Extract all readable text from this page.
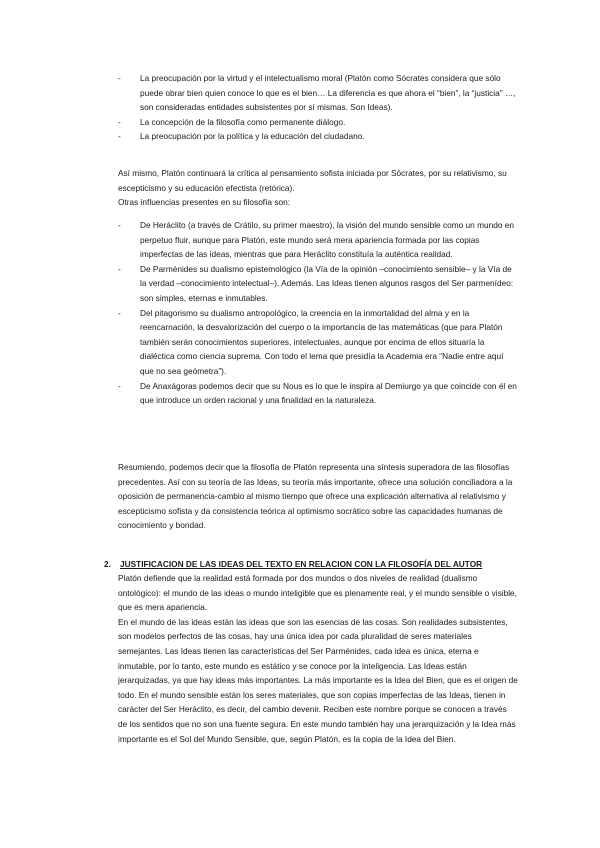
- La preocupación por la virtud y el intelectualismo moral (Platón como Sócrates considera que sólo puede obrar bien quien conoce lo que es el bien… La diferencia es que ahora el “bien”, la “justicia” …, son consideradas entidades subsistentes por sí mismas. Son Ideas).
- La concepción de la filosofía como permanente diálogo.
- La preocupación por la política y la educación del ciudadano.

Así mismo, Platón continuará la crítica al pensamiento sofista iniciada por Sócrates, por su relativismo, su escepticismo y su educación efectista (retórica).

Otras influencias presentes en su filosofía son:

- De Heráclito (a través de Crátilo, su primer maestro), la visión del mundo sensible como un mundo en perpetuo fluir, aunque para Platón, este mundo será mera apariencia formada por las copias imperfectas de las ideas, mientras que para Heráclito constituía la auténtica realidad.
- De Parménides su dualismo epistemológico (la Vía de la opinión –conocimiento sensible– y la Vía de la verdad –conocimiento intelectual–). Además. Las Ideas tienen algunos rasgos del Ser parmenídeo: son simples, eternas e inmutables.
- Del pitagorismo su dualismo antropológico, la creencia en la inmortalidad del alma y en la reencarnación, la desvalorización del cuerpo o la importancia de las matemáticas (que para Platón también serán conocimientos superiores, intelectuales, aunque por encima de ellos situaría la dialéctica como ciencia suprema. Con todo el lema que presidía la Academia era “Nadie entre aquí que no sea geómetra”).
- De Anaxágoras podemos decir que su Nous es lo que le inspira al Demiurgo ya que coincide con él en que introduce un orden racional y una finalidad en la naturaleza.

Resumiendo, podemos decir que la filosofía de Platón representa una síntesis superadora de las filosofías precedentes. Así con su teoría de las Ideas, su teoría más importante, ofrece una solución conciliadora a la oposición de permanencia-cambio al mismo tiempo que ofrece una explicación alternativa al relativismo y escepticismo sofista y da consistencia teórica al optimismo socrático sobre las capacidades humanas de conocimiento y bondad.

2. JUSTIFICACION DE LAS IDEAS DEL TEXTO EN RELACION CON LA FILOSOFÍA DEL AUTOR

Platón defiende que la realidad está formada por dos mundos o dos niveles de realidad (dualismo ontológico): el mundo de las ideas o mundo inteligible que es plenamente real, y el mundo sensible o visible, que es mera apariencia.

En el mundo de las ideas están las ideas que son las esencias de las cosas. Son realidades subsistentes, son modelos perfectos de las cosas, hay una única idea por cada pluralidad de seres materiales semejantes. Las Ideas tienen las características del Ser Parménides, cada idea es única, eterna e inmutable, por lo tanto, este mundo es estático y se conoce por la inteligencia. Las Ideas están jerarquizadas, ya que hay ideas más importantes. La más importante es la Idea del Bien, que es el origen de todo. En el mundo sensible están los seres materiales, que son copias imperfectas de las Ideas, tienen in carácter del Ser Heráclito, es decir, del cambio devenir. Reciben este nombre porque se conocen a través de los sentidos que no son una fuente segura. En este mundo también hay una jerarquización y la Idea más importante es el Sol del Mundo Sensible, que, según Platón, es la copia de la Idea del Bien.
